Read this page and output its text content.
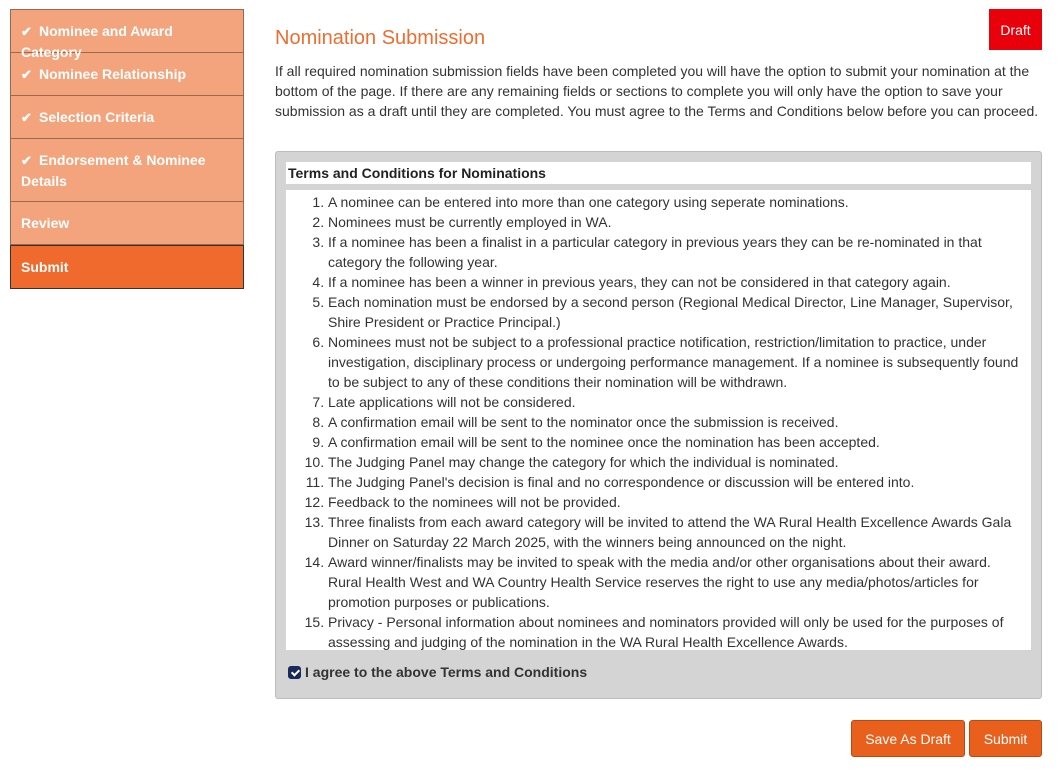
✔ Nominee and Award Category
✔ Nominee Relationship
✔ Selection Criteria
✔ Endorsement & Nominee Details
Review
Submit
Draft
Nomination Submission

If all required nomination submission fields have been completed you will have the option to submit your nomination at the bottom of the page. If there are any remaining fields or sections to complete you will only have the option to save your submission as a draft until they are completed. You must agree to the Terms and Conditions below before you can proceed.

Terms and Conditions for Nominations
1. A nominee can be entered into more than one category using seperate nominations.
2. Nominees must be currently employed in WA.
3. If a nominee has been a finalist in a particular category in previous years they can be re-nominated in that category the following year.
4. If a nominee has been a winner in previous years, they can not be considered in that category again.
5. Each nomination must be endorsed by a second person (Regional Medical Director, Line Manager, Supervisor, Shire President or Practice Principal.)
6. Nominees must not be subject to a professional practice notification, restriction/limitation to practice, under investigation, disciplinary process or undergoing performance management. If a nominee is subsequently found to be subject to any of these conditions their nomination will be withdrawn.
7. Late applications will not be considered.
8. A confirmation email will be sent to the nominator once the submission is received.
9. A confirmation email will be sent to the nominee once the nomination has been accepted.
10. The Judging Panel may change the category for which the individual is nominated.
11. The Judging Panel's decision is final and no correspondence or discussion will be entered into.
12. Feedback to the nominees will not be provided.
13. Three finalists from each award category will be invited to attend the WA Rural Health Excellence Awards Gala Dinner on Saturday 22 March 2025, with the winners being announced on the night.
14. Award winner/finalists may be invited to speak with the media and/or other organisations about their award. Rural Health West and WA Country Health Service reserves the right to use any media/photos/articles for promotion purposes or publications.
15. Privacy - Personal information about nominees and nominators provided will only be used for the purposes of assessing and judging of the nomination in the WA Rural Health Excellence Awards.
I agree to the above Terms and Conditions
Save As Draft	Submit
